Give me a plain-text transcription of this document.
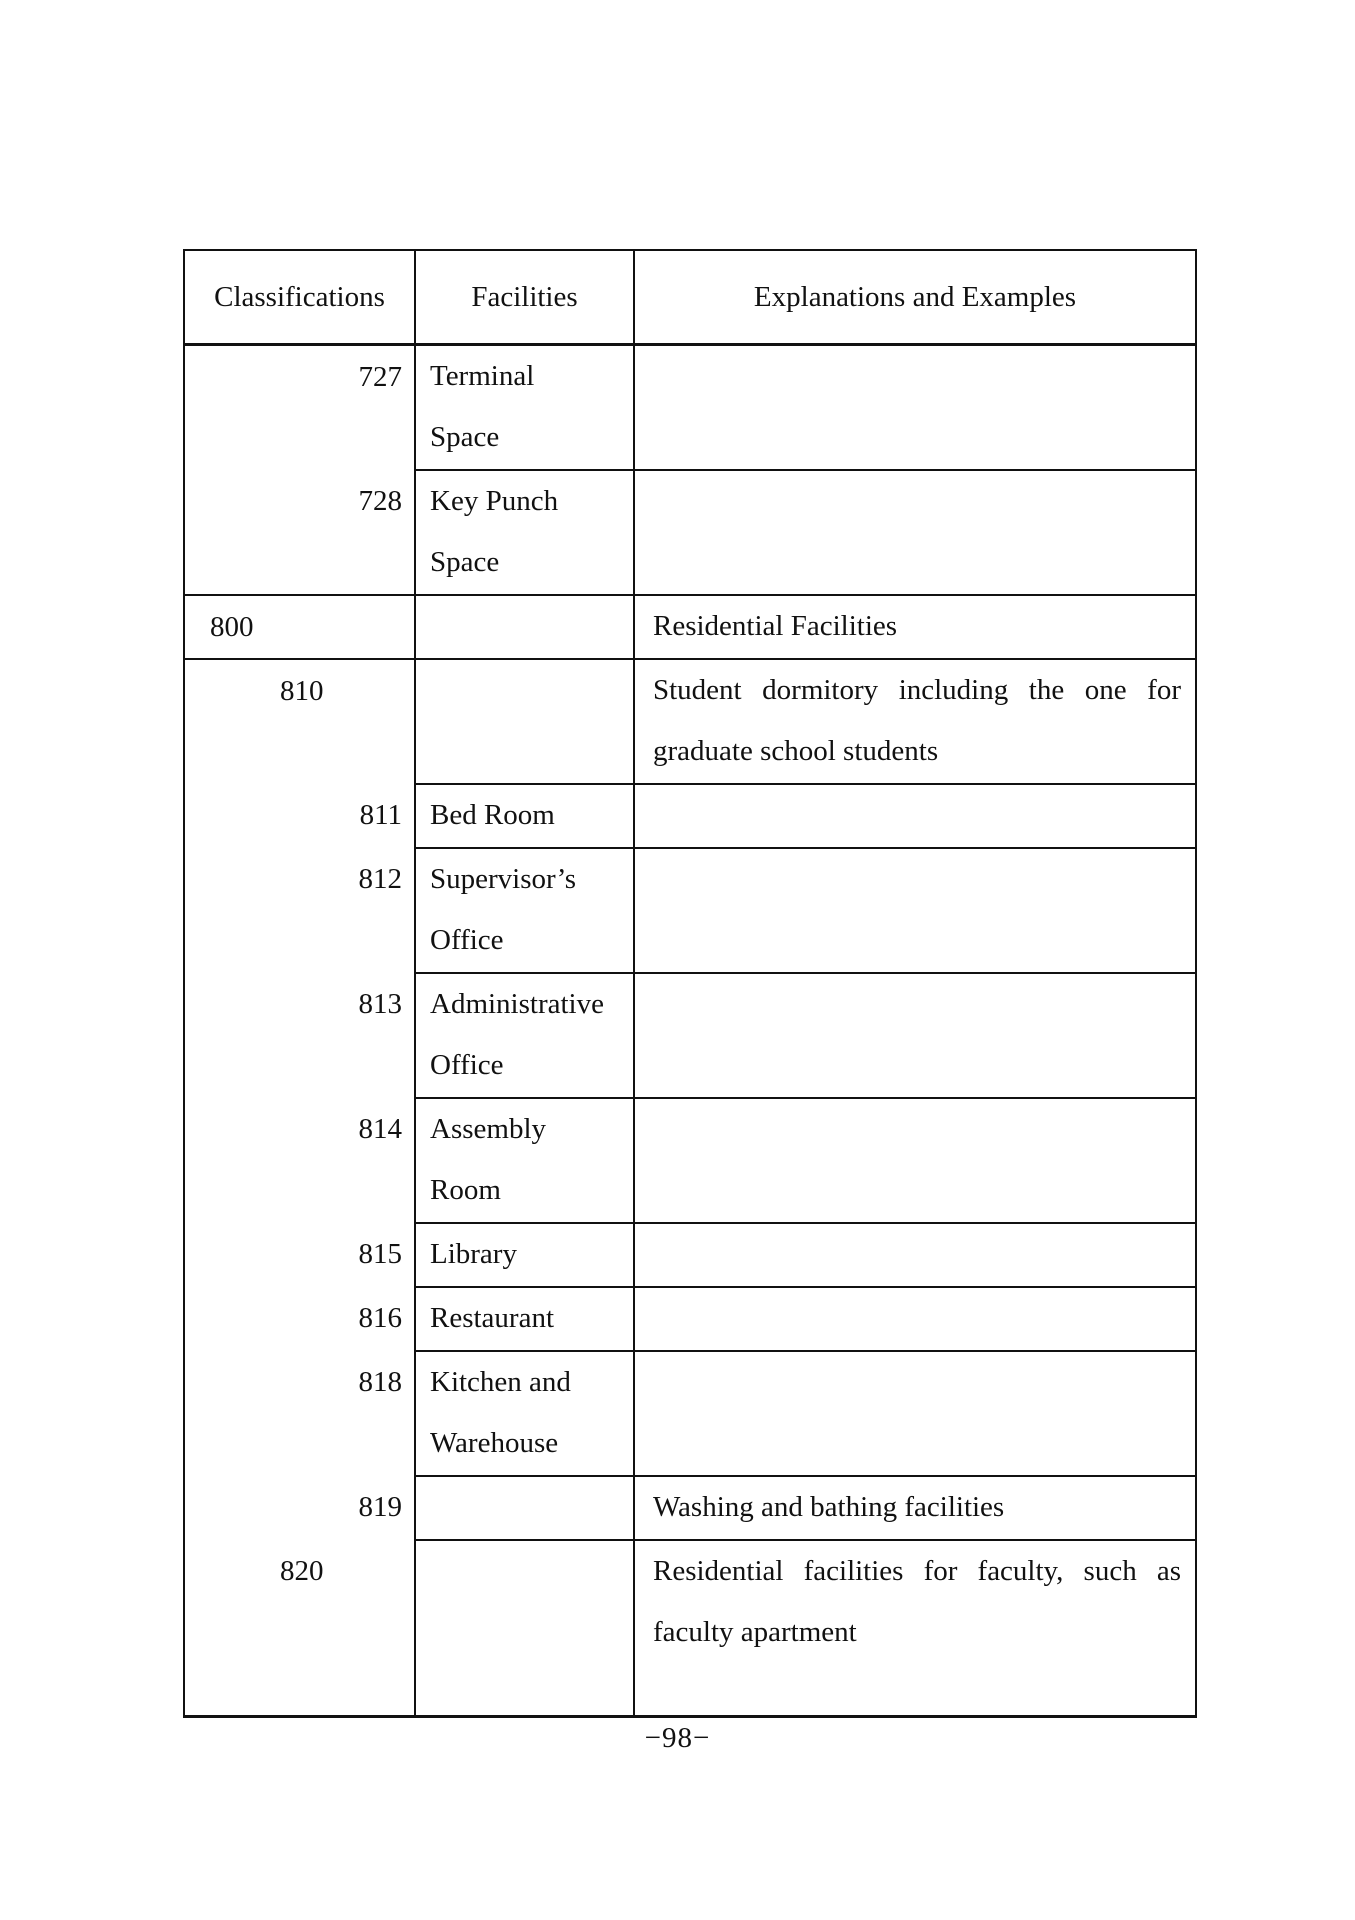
Classifications	Facilities	Explanations and Examples

727	Terminal
Space	

728	Key Punch
Space	

800		Residential Facilities

810		Student dormitory including the one for graduate school students

811	Bed Room	

812	Supervisor’s
Office	

813	Administrative
Office	

814	Assembly
Room	

815	Library	

816	Restaurant	

818	Kitchen and
Warehouse	

819		Washing and bathing facilities

820		Residential facilities for faculty, such as faculty apartment
−98−
